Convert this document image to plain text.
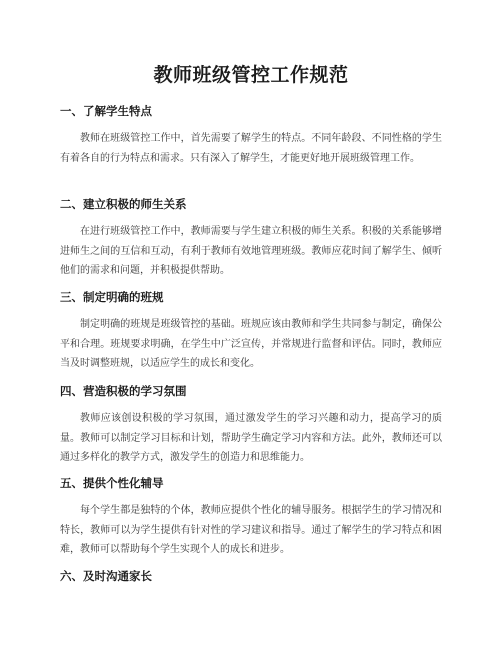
教师班级管控工作规范
一、了解学生特点

教师在班级管控工作中，首先需要了解学生的特点。不同年龄段、不同性格的学生有着各自的行为特点和需求。只有深入了解学生，才能更好地开展班级管理工作。

二、建立积极的师生关系

在进行班级管控工作中，教师需要与学生建立积极的师生关系。积极的关系能够增进师生之间的互信和互动，有利于教师有效地管理班级。教师应花时间了解学生、倾听他们的需求和问题，并积极提供帮助。

三、制定明确的班规

制定明确的班规是班级管控的基础。班规应该由教师和学生共同参与制定，确保公平和合理。班规要求明确，在学生中广泛宣传，并常规进行监督和评估。同时，教师应当及时调整班规，以适应学生的成长和变化。

四、营造积极的学习氛围

教师应该创设积极的学习氛围，通过激发学生的学习兴趣和动力，提高学习的质量。教师可以制定学习目标和计划，帮助学生确定学习内容和方法。此外，教师还可以通过多样化的教学方式，激发学生的创造力和思维能力。

五、提供个性化辅导

每个学生都是独特的个体，教师应提供个性化的辅导服务。根据学生的学习情况和特长，教师可以为学生提供有针对性的学习建议和指导。通过了解学生的学习特点和困难，教师可以帮助每个学生实现个人的成长和进步。

六、及时沟通家长
